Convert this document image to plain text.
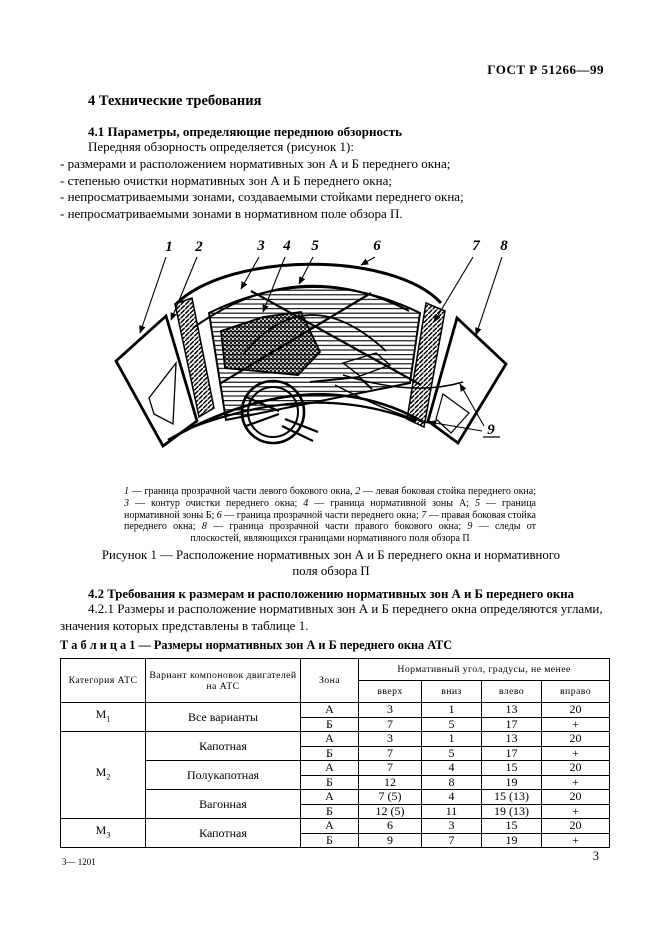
ГОСТ Р 51266—99
4 Технические требования
4.1 Параметры, определяющие переднюю обзорность
Передняя обзорность определяется (рисунок 1):
- размерами и расположением нормативных зон А и Б переднего окна;
- степенью очистки нормативных зон А и Б переднего окна;
- непросматриваемыми зонами, создаваемыми стойками переднего окна;
- непросматриваемыми зонами в нормативном поле обзора П.
1 2	3 4 5	6	7 8
9
1 — граница прозрачной части левого бокового окна, 2 — левая боковая стойка переднего окна; 3 — контур очистки переднего окна; 4 — граница нормативной зоны А; 5 — граница нормативной зоны Б; 6 — граница прозрачной части переднего окна; 7 — правая боковая стойка переднего окна; 8 — граница прозрачной части правого бокового окна; 9 — следы от плоскостей, являющихся границами нормативного поля обзора П
Рисунок 1 — Расположение нормативных зон А и Б переднего окна и нормативного поля обзора П
4.2 Требования к размерам и расположению нормативных зон А и Б переднего окна

4.2.1 Размеры и расположение нормативных зон А и Б переднего окна определяются углами, значения которых представлены в таблице 1.

Т а б л и ц а 1 — Размеры нормативных зон А и Б переднего окна АТС
Категория АТС	Вариант компоновок двигателей на АТС	Зона	Нормативный угол, градусы, не менее			
			вверх	вниз	влево	вправо
$М_1$	Все варианты	А	3	1	13	20
		Б	7	5	17	+
$М_2$	Капотная	А	3	1	13	20
		Б	7	5	17	+
	Полукапотная	А	7	4	15	20
		Б	12	8	19	+
	Вагонная	А	7 (5)	4	15 (13)	20
		Б	12 (5)	11	19 (13)	+
$М_3$	Капотная	А	6	3	15	20
		Б	9	7	19	+
3— 1201	3
